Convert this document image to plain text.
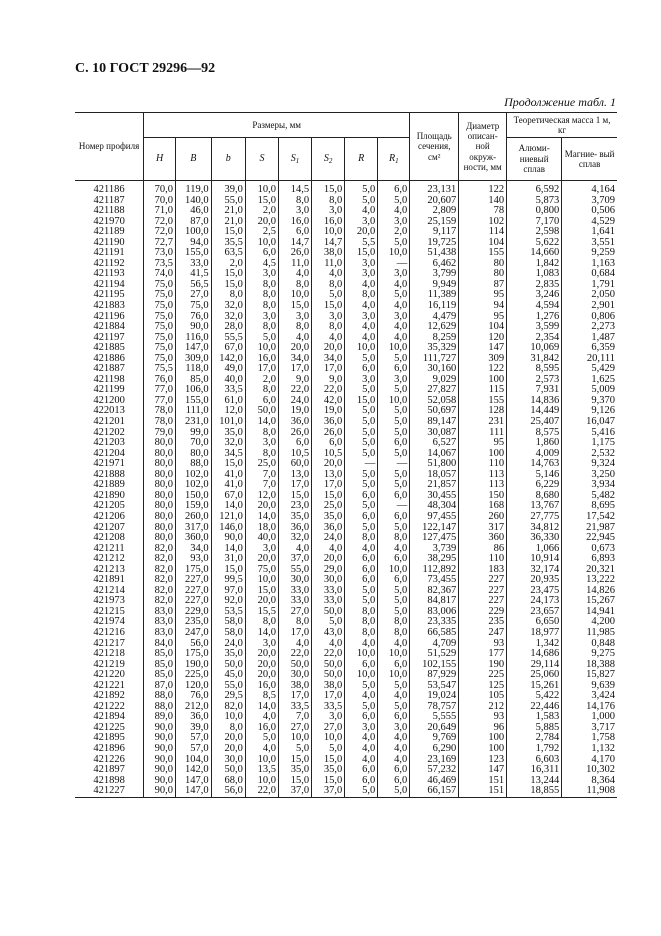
С. 10 ГОСТ 29296—92
Продолжение табл. 1
Номер профиля	Размеры, мм								Площадь сечения, см²	Диаметр описан- ной окруж- ности, мм	Теоретическая масса 1 м, кг	
	H	B	b	S	$S_1$	$S_2$	R	$R_1$			Алюми- ниевый сплав	Магние- вый сплав
421186	70,0	119,0	39,0	10,0	14,5	15,0	5,0	6,0	23,131	122	6,592	4,164
421187	70,0	140,0	55,0	15,0	8,0	8,0	5,0	5,0	20,607	140	5,873	3,709
421188	71,0	46,0	21,0	2,0	3,0	3,0	4,0	4,0	2,809	78	0,800	0,506
421970	72,0	87,0	21,0	20,0	16,0	16,0	3,0	3,0	25,159	102	7,170	4,529
421189	72,0	100,0	15,0	2,5	6,0	10,0	20,0	2,0	9,117	114	2,598	1,641
421190	72,7	94,0	35,5	10,0	14,7	14,7	5,5	5,0	19,725	104	5,622	3,551
421191	73,0	155,0	63,5	6,0	26,0	38,0	15,0	10,0	51,438	155	14,660	9,259
421192	73,5	33,0	2,0	4,5	11,0	11,0	3,0	—	6,462	80	1,842	1,163
421193	74,0	41,5	15,0	3,0	4,0	4,0	3,0	3,0	3,799	80	1,083	0,684
421194	75,0	56,5	15,0	8,0	8,0	8,0	4,0	4,0	9,949	87	2,835	1,791
421195	75,0	27,0	8,0	8,0	10,0	5,0	8,0	5,0	11,389	95	3,246	2,050
421883	75,0	75,0	32,0	8,0	15,0	15,0	4,0	4,0	16,119	94	4,594	2,901
421196	75,0	76,0	32,0	3,0	3,0	3,0	3,0	3,0	4,479	95	1,276	0,806
421884	75,0	90,0	28,0	8,0	8,0	8,0	4,0	4,0	12,629	104	3,599	2,273
421197	75,0	116,0	55,5	5,0	4,0	4,0	4,0	4,0	8,259	120	2,354	1,487
421885	75,0	147,0	67,0	10,0	20,0	20,0	10,0	10,0	35,329	147	10,069	6,359
421886	75,0	309,0	142,0	16,0	34,0	34,0	5,0	5,0	111,727	309	31,842	20,111
421887	75,5	118,0	49,0	17,0	17,0	17,0	6,0	6,0	30,160	122	8,595	5,429
421198	76,0	85,0	40,0	2,0	9,0	9,0	3,0	3,0	9,029	100	2,573	1,625
421199	77,0	106,0	33,5	8,0	22,0	22,0	5,0	5,0	27,827	115	7,931	5,009
421200	77,0	155,0	61,0	6,0	24,0	42,0	15,0	10,0	52,058	155	14,836	9,370
422013	78,0	111,0	12,0	50,0	19,0	19,0	5,0	5,0	50,697	128	14,449	9,126
421201	78,0	231,0	101,0	14,0	36,0	36,0	5,0	5,0	89,147	231	25,407	16,047
421202	79,0	99,0	35,0	8,0	26,0	26,0	5,0	5,0	30,087	111	8,575	5,416
421203	80,0	70,0	32,0	3,0	6,0	6,0	5,0	6,0	6,527	95	1,860	1,175
421204	80,0	80,0	34,5	8,0	10,5	10,5	5,0	5,0	14,067	100	4,009	2,532
421971	80,0	88,0	15,0	25,0	60,0	20,0	—	—	51,800	110	14,763	9,324
421888	80,0	102,0	41,0	7,0	13,0	13,0	5,0	5,0	18,057	113	5,146	3,250
421889	80,0	102,0	41,0	7,0	17,0	17,0	5,0	5,0	21,857	113	6,229	3,934
421890	80,0	150,0	67,0	12,0	15,0	15,0	6,0	6,0	30,455	150	8,680	5,482
421205	80,0	159,0	14,0	20,0	23,0	25,0	5,0	—	48,304	168	13,767	8,695
421206	80,0	260,0	121,0	14,0	35,0	35,0	6,0	6,0	97,455	260	27,775	17,542
421207	80,0	317,0	146,0	18,0	36,0	36,0	5,0	5,0	122,147	317	34,812	21,987
421208	80,0	360,0	90,0	40,0	32,0	24,0	8,0	8,0	127,475	360	36,330	22,945
421211	82,0	34,0	14,0	3,0	4,0	4,0	4,0	4,0	3,739	86	1,066	0,673
421212	82,0	93,0	31,0	20,0	37,0	20,0	6,0	6,0	38,295	110	10,914	6,893
421213	82,0	175,0	15,0	75,0	55,0	29,0	6,0	10,0	112,892	183	32,174	20,321
421891	82,0	227,0	99,5	10,0	30,0	30,0	6,0	6,0	73,455	227	20,935	13,222
421214	82,0	227,0	97,0	15,0	33,0	33,0	5,0	5,0	82,367	227	23,475	14,826
421973	82,0	227,0	92,0	20,0	33,0	33,0	5,0	5,0	84,817	227	24,173	15,267
421215	83,0	229,0	53,5	15,5	27,0	50,0	8,0	5,0	83,006	229	23,657	14,941
421974	83,0	235,0	58,0	8,0	8,0	5,0	8,0	8,0	23,335	235	6,650	4,200
421216	83,0	247,0	58,0	14,0	17,0	43,0	8,0	8,0	66,585	247	18,977	11,985
421217	84,0	56,0	24,0	3,0	4,0	4,0	4,0	4,0	4,709	93	1,342	0,848
421218	85,0	175,0	35,0	20,0	22,0	22,0	10,0	10,0	51,529	177	14,686	9,275
421219	85,0	190,0	50,0	20,0	50,0	50,0	6,0	6,0	102,155	190	29,114	18,388
421220	85,0	225,0	45,0	20,0	30,0	50,0	10,0	10,0	87,929	225	25,060	15,827
421221	87,0	120,0	55,0	16,0	38,0	38,0	5,0	5,0	53,547	125	15,261	9,639
421892	88,0	76,0	29,5	8,5	17,0	17,0	4,0	4,0	19,024	105	5,422	3,424
421222	88,0	212,0	82,0	14,0	33,5	33,5	5,0	5,0	78,757	212	22,446	14,176
421894	89,0	36,0	10,0	4,0	7,0	3,0	6,0	6,0	5,555	93	1,583	1,000
421225	90,0	39,0	8,0	16,0	27,0	27,0	3,0	3,0	20,649	96	5,885	3,717
421895	90,0	57,0	20,0	5,0	10,0	10,0	4,0	4,0	9,769	100	2,784	1,758
421896	90,0	57,0	20,0	4,0	5,0	5,0	4,0	4,0	6,290	100	1,792	1,132
421226	90,0	104,0	30,0	10,0	15,0	15,0	4,0	4,0	23,169	123	6,603	4,170
421897	90,0	142,0	50,0	13,5	35,0	35,0	6,0	6,0	57,232	147	16,311	10,302
421898	90,0	147,0	68,0	10,0	15,0	15,0	6,0	6,0	46,469	151	13,244	8,364
421227	90,0	147,0	56,0	22,0	37,0	37,0	5,0	5,0	66,157	151	18,855	11,908
